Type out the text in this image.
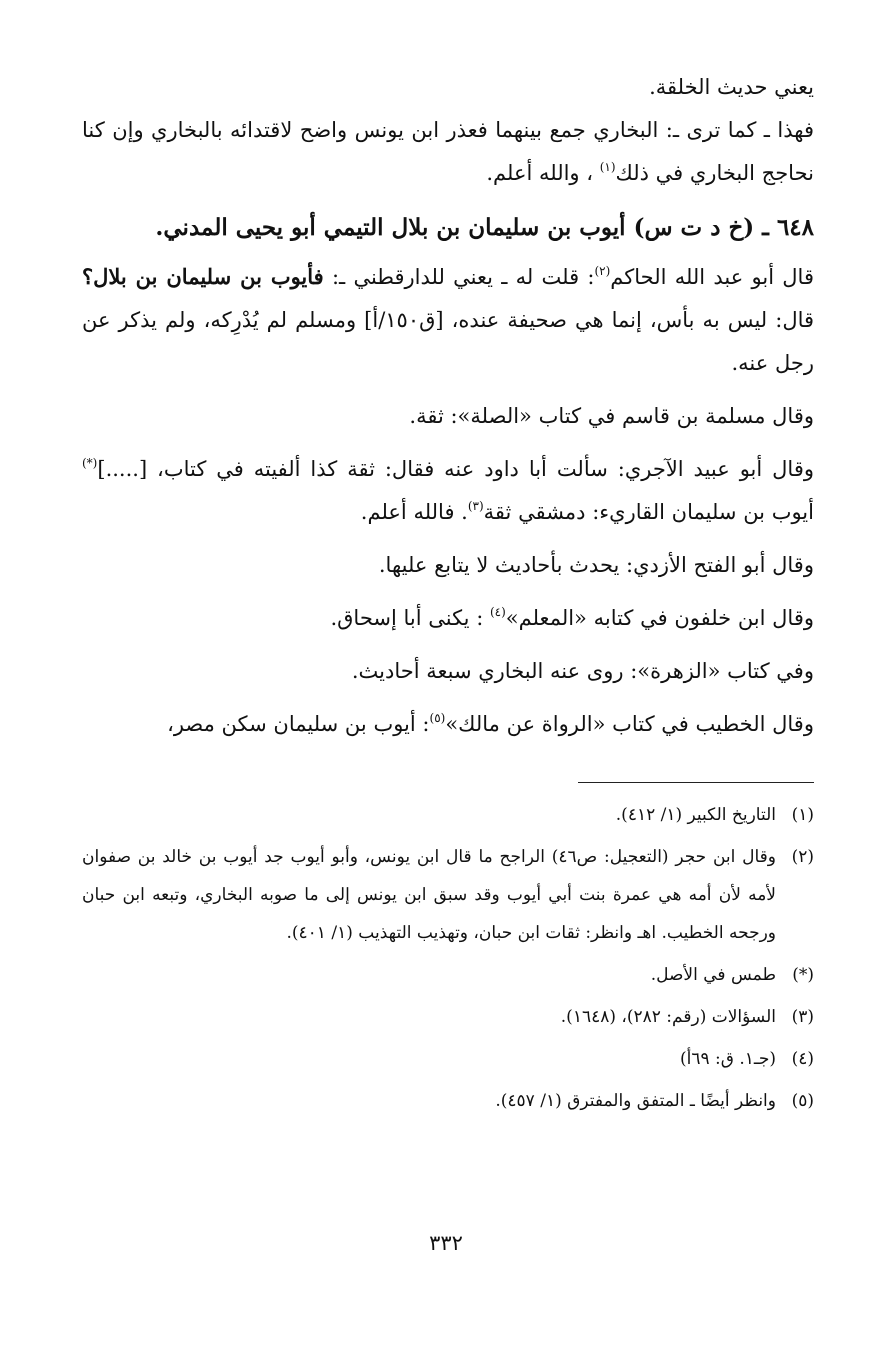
يعني حديث الخلقة.

فهذا ـ كما ترى ـ: البخاري جمع بينهما فعذر ابن يونس واضح لاقتدائه بالبخاري وإن كنا نحاجج البخاري في ذلك$^{(١)}$ ، والله أعلم.

٦٤٨ ـ (خ د ت س) أيوب بن سليمان بن بلال التيمي أبو يحيى المدني.

قال أبو عبد الله الحاكم$^{(٢)}$: قلت له ـ يعني للدارقطني ـ: فأيوب بن سليمان بن بلال؟ قال: ليس به بأس، إنما هي صحيفة عنده، [ق١٥٠/أ] ومسلم لم يُدْرِكه، ولم يذكر عن رجل عنه.

وقال مسلمة بن قاسم في كتاب «الصلة»: ثقة.

وقال أبو عبيد الآجري: سألت أبا داود عنه فقال: ثقة كذا ألفيته في كتاب، [.....](*) أيوب بن سليمان القاريء: دمشقي ثقة$^{(٣)}$. فالله أعلم.

وقال أبو الفتح الأزدي: يحدث بأحاديث لا يتابع عليها.

وقال ابن خلفون في كتابه «المعلم»$^{(٤)}$ : يكنى أبا إسحاق.

وفي كتاب «الزهرة»: روى عنه البخاري سبعة أحاديث.

وقال الخطيب في كتاب «الرواة عن مالك»$^{(٥)}$: أيوب بن سليمان سكن مصر،

(١)
التاريخ الكبير (١/ ٤١٢).
(٢)
وقال ابن حجر (التعجيل: ص٤٦) الراجح ما قال ابن يونس، وأبو أيوب جد أيوب بن خالد بن صفوان لأمه لأن أمه هي عمرة بنت أبي أيوب وقد سبق ابن يونس إلى ما صوبه البخاري، وتبعه ابن حبان ورجحه الخطيب. اهـ وانظر: ثقات ابن حبان، وتهذيب التهذيب (١/ ٤٠١).
(*)
طمس في الأصل.
(٣)
السؤالات (رقم: ٢٨٢)، (١٦٤٨).
(٤)
(جـ١. ق: ٦٩أ)
(٥)
وانظر أيضًا ـ المتفق والمفترق (١/ ٤٥٧).
٣٣٢
